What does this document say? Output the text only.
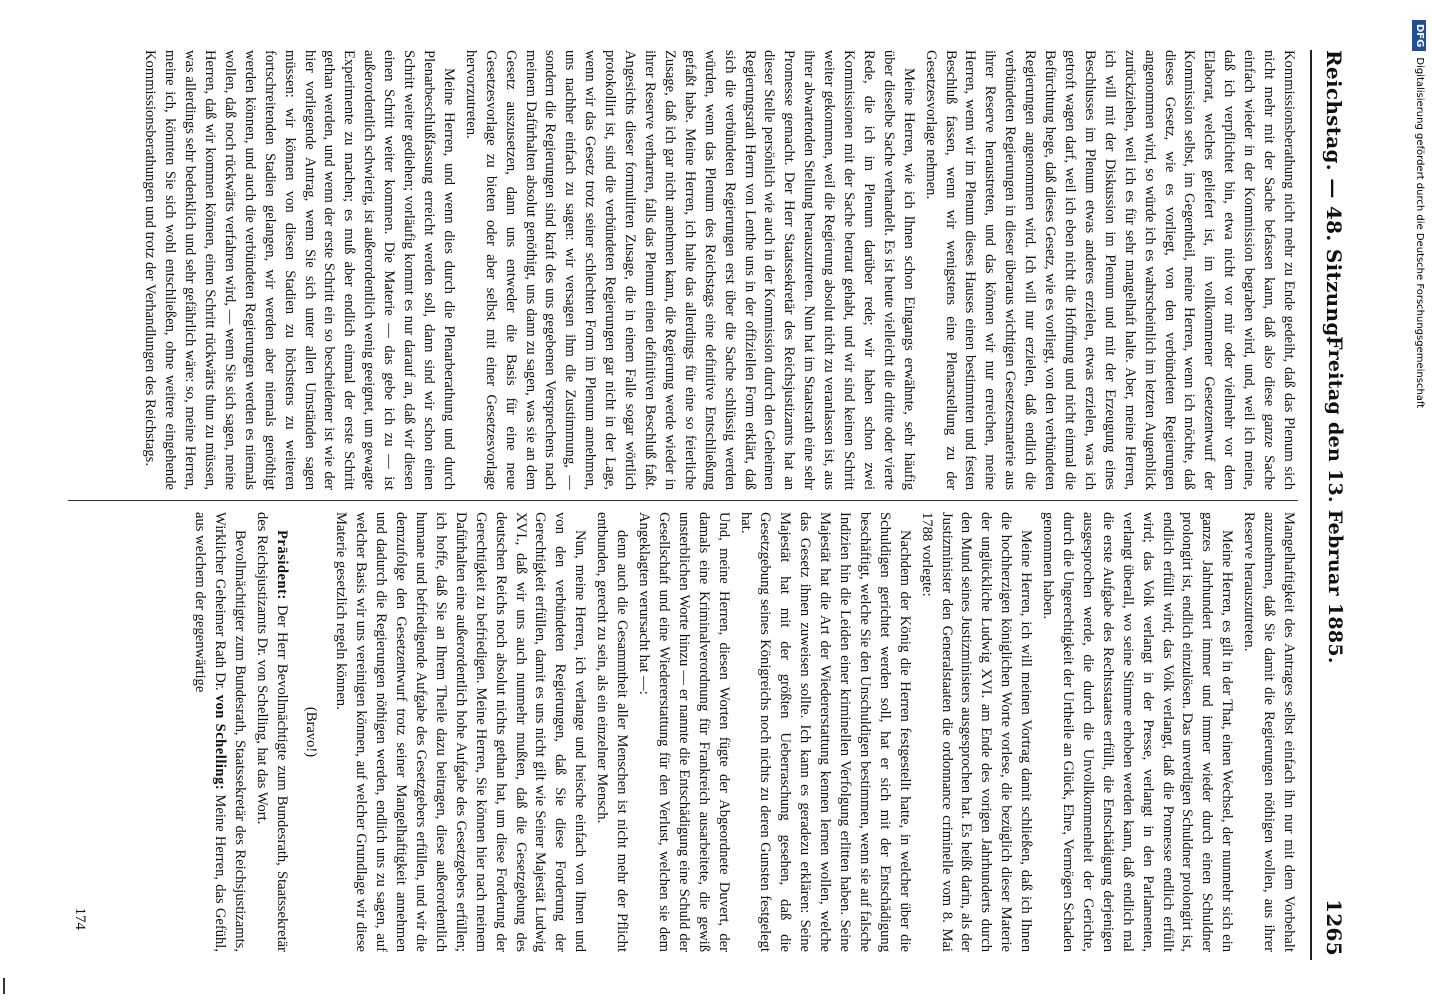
Reichstag. — 48. Sitzung.
Freitag den 13. Februar 1885.
1265

Kommissionsberathung nicht mehr zu Ende gedeiht, daß das Plenum sich nicht mehr mit der Sache befassen kann, daß also diese ganze Sache einfach wieder in der Kommission begraben wird, und, weil ich meine, daß ich verpflichtet bin, etwa nicht vor mir oder vielmehr vor dem Elaborat, welches geliefert ist, im vollkommener Gesetzentwurf der Kommission selbst, im Gegentheil, meine Herren, wenn ich möchte, daß dieses Gesetz, wie es vorliegt, von den verbündeten Regierungen angenommen wird, so würde ich es wahrscheinlich im letzten Augenblick zurückziehen, weil ich es für sehr mangelhaft halte. Aber, meine Herren, ich will mit der Diskussion im Plenum und mit der Erzeugung eines Beschlusses im Plenum etwas anderes erzielen, etwas erzielen, was ich getroft wagen darf, weil ich eben nicht die Hoffnung und nicht einmal die Befürchtung hege, daß dieses Gesetz, wie es vorliegt, von den verbündeten Regierungen angenommen wird. Ich will nur erzielen, daß endlich die verbündeten Regierungen in dieser überaus wichtigen Gesetzesmaterie aus ihrer Reserve heraustreten, und das können wir nur erreichen, meine Herren, wenn wir im Plenum dieses Hauses einen bestimmten und festen Beschluß fassen, wenn wir wenigstens eine Plenarstellung zu der Gesetzesvorlage nehmen.

Meine Herren, wie ich Ihnen schon Eingangs erwähnte, sehr häufig über dieselbe Sache verhandelt. Es ist heute vielleicht die dritte oder vierte Rede, die ich im Plenum darüber rede; wir haben schon zwei Kommissionen mit der Sache betraut gehabt, und wir sind keinen Schritt weiter gekommen, weil die Regierung absolut nicht zu veranlassen ist, aus ihrer abwartenden Stellung herauszutreten. Nun hat im Staatsrath eine sehr Promesse gemacht. Der Herr Staatssekretär des Reichsjustizamts hat an dieser Stelle persönlich wie auch in der Kommission durch den Geheimen Regierungsrath Herrn von Lenthe uns in der offiziellen Form erklärt, daß sich die verbündeten Regierungen erst über die Sache schlüssig werden würden, wenn das Plenum des Reichstags eine definitive Entschließung gefaßt habe. Meine Herren, ich halte das allerdings für eine so feierliche Zusage, daß ich gar nicht annehmen kann, die Regierung werde wieder in ihrer Reserve verharren, falls das Plenum einen definitiven Beschluß faßt. Angesichts dieser formulirten Zusage, die in einem Falle sogar wörtlich protokollirt ist, sind die verbündeten Regierungen gar nicht in der Lage, wenn wir das Gesetz trotz seiner schlechten Form im Plenum annehmen, uns nachher einfach zu sagen: wir versagen ihm die Zustimmung, — sondern die Regierungen sind kraft des uns gegebenen Versprechens nach meinem Dafürhalten absolut genöthigt, uns dann zu sagen, was sie an dem Gesetz auszusetzen, dann uns entweder die Basis für eine neue Gesetzesvorlage zu bieten oder aber selbst mit einer Gesetzesvorlage hervorzutreten.

Meine Herren, und wenn dies durch die Plenarberathung und durch Plenarbeschlußfassung erreicht werden soll, dann sind wir schon einen Schritt weiter gediehen; vorläufig kommt es nur darauf an, daß wir diesen einen Schritt weiter kommen. Die Materie — das gebe ich zu — ist außerordentlich schwierig, ist außerordentlich wenig geeignet, um gewagte Experimente zu machen; es muß aber endlich einmal der erste Schritt gethan werden, und wenn der erste Schritt ein so bescheidener ist wie der hier vorliegende Antrag, wenn Sie sich unter allen Umständen sagen müssen: wir können von diesen Stadien zu höchstens zu weiteren fortschreitenden Stadien gelangen, wir werden aber niemals genöthigt werden können, und auch die verbündeten Regierungen werden es niemals wollen, daß noch rückwärts verfahren wird, — wenn Sie sich sagen, meine Herren, daß wir kommen können, einen Schritt rückwärts thun zu müssen, was allerdings sehr bedenklich und sehr gefährlich wäre: so, meine Herren, meine ich, könnten Sie sich wohl entschließen, ohne weitere eingehende Kommissionsberathungen und trotz der Verhandlungen des Reichstags.

Mangelhaftigkeit des Antrages selbst einfach ihn nur mit dem Vorbehalt anzunehmen, daß Sie damit die Regierungen nöthigen wollen, aus ihrer Reserve herauszutreten.

Meine Herren, es gilt in der That, einen Wechsel, der nunmehr sich ein ganzes Jahrhundert immer und immer wieder durch einen Schuldner prolongirt ist, endlich einzulösen. Das unverdigen Schuldner prolongirt ist, endlich erfüllt wird; das Volk verlangt, daß die Promesse endlich erfüllt wird; das Volk verlangt in der Presse, verlangt in den Parlamenten, verlangt überall, wo seine Stimme erhoben werden kann, daß endlich mal die erste Aufgabe des Rechtsstaates erfüllt, die Entschädigung derjenigen ausgesprochen werde, die durch die Unvollkommenheit der Gerichte, durch die Ungerechtigkeit der Urtheile an Glück, Ehre, Vermögen Schaden genommen haben.

Meine Herren, ich will meinen Vortrag damit schließen, daß ich Ihnen die hochherzigen königlichen Worte vorlese, die bezüglich dieser Materie der unglückliche Ludwig XVI. am Ende des vorigen Jahrhunderts durch den Mund seines Justizministers ausgesprochen hat. Es heißt darin, als der Justizminister den Generalstaaten die ordonnance criminelle vom 8. Mai 1788 vorlegte:

Nachdem der König die Herren festgestellt hatte, in welcher über die Schuldigen gerichtet werden soll, hat er sich mit der Entschädigung beschäftigt, welche Sie den Unschuldigen bestimmen, wenn sie auf falsche Indizien hin die Leiden einer kriminellen Verfolgung erlitten haben. Seine Majestät hat die Art der Wiedererstattung kennen lernen wollen, welche das Gesetz ihnen zuweisen sollte. Ich kann es geradezu erklären: Seine Majestät hat mit der größten Ueberraschung gesehen, daß die Gesetzgebung seines Königreichs noch nichts zu deren Gunsten festgelegt hat.

Und, meine Herren, diesen Worten fügte der Abgeordnete Duvert, der damals eine Kriminalverordnung für Frankreich ausarbeitete, die gewiß unsterblichen Worte hinzu — er nannte die Entschädigung eine Schuld der Gesellschaft und eine Wiedererstattung für den Verlust, welchen sie dem Angeklagten verursacht hat —:

denn auch die Gesammtheit aller Menschen ist nicht mehr der Pflicht entbunden, gerecht zu sein, als ein einzelner Mensch.

Nun, meine Herren, ich verlange und heische einfach von Ihnen und von den verbündeten Regierungen, daß Sie diese Forderung der Gerechtigkeit erfüllen, damit es uns nicht gilt wie Seiner Majestät Ludwig XVI., daß wir uns auch nunmehr mußten, daß die Gesetzgebung des deutschen Reichs noch absolut nichts gethan hat, um diese Forderung der Gerechtigkeit zu befriedigen. Meine Herren, Sie können hier nach meinem Dafürhalten eine außerordentlich hohe Aufgabe des Gesetzgebers erfüllen; ich hoffe, daß Sie an Ihrem Theile dazu beitragen, diese außerordentlich humane und befriedigende Aufgabe des Gesetzgebers erfüllen, und wir die demzufolge den Gesetzentwurf trotz seiner Mangelhaftigkeit annehmen und dadurch die Regierungen nöthigen werden, endlich uns zu sagen, auf welcher Basis wir uns vereinigen können, auf welcher Grundlage wir diese Materie gesetzlich regeln können.

(Bravo!)

Präsident: Der Herr Bevollmächtigte zum Bundesrath, Staatssekretär des Reichsjustizamts Dr. von Schelling, hat das Wort.

Bevollmächtigter zum Bundesrath, Staatssekretär des Reichsjustizamts, Wirklicher Geheimer Rath Dr. von Schelling: Meine Herren, das Gefühl, aus welchem der gegenwärtige

174
DFGDigitalisierung gefördert durch die Deutsche Forschungsgemeinschaft
